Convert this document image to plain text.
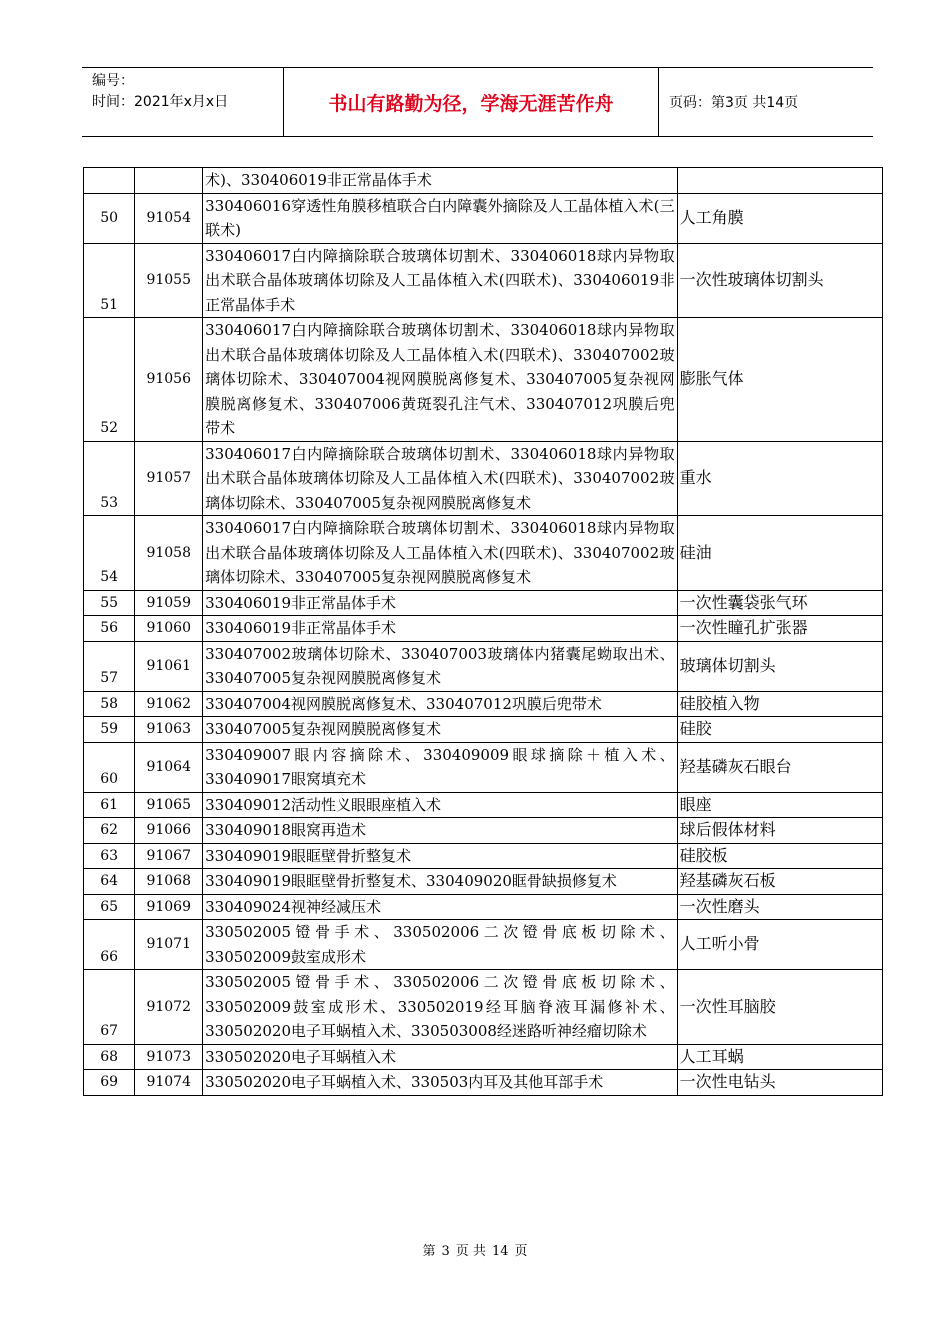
编号：
时间：2021年x月x日	书山有路勤为径，学海无涯苦作舟	页码：第3页 共14页
		术)、330406019非正常晶体手术	
50	91054	330406016穿透性角膜移植联合白内障囊外摘除及人工晶体植入术(三联术)	人工角膜
51	91055	330406017白内障摘除联合玻璃体切割术、330406018球内异物取出术联合晶体玻璃体切除及人工晶体植入术(四联术)、330406019非正常晶体手术	一次性玻璃体切割头
52	91056	330406017白内障摘除联合玻璃体切割术、330406018球内异物取出术联合晶体玻璃体切除及人工晶体植入术(四联术)、330407002玻璃体切除术、330407004视网膜脱离修复术、330407005复杂视网膜脱离修复术、330407006黄斑裂孔注气术、330407012巩膜后兜带术	膨胀气体
53	91057	330406017白内障摘除联合玻璃体切割术、330406018球内异物取出术联合晶体玻璃体切除及人工晶体植入术(四联术)、330407002玻璃体切除术、330407005复杂视网膜脱离修复术	重水
54	91058	330406017白内障摘除联合玻璃体切割术、330406018球内异物取出术联合晶体玻璃体切除及人工晶体植入术(四联术)、330407002玻璃体切除术、330407005复杂视网膜脱离修复术	硅油
55	91059	330406019非正常晶体手术	一次性囊袋张气环
56	91060	330406019非正常晶体手术	一次性瞳孔扩张器
57	91061	330407002玻璃体切除术、330407003玻璃体内猪囊尾蚴取出术、330407005复杂视网膜脱离修复术	玻璃体切割头
58	91062	330407004视网膜脱离修复术、330407012巩膜后兜带术	硅胶植入物
59	91063	330407005复杂视网膜脱离修复术	硅胶
60	91064	330409007眼内容摘除术、330409009眼球摘除＋植入术、330409017眼窝填充术	羟基磷灰石眼台
61	91065	330409012活动性义眼眼座植入术	眼座
62	91066	330409018眼窝再造术	球后假体材料
63	91067	330409019眼眶壁骨折整复术	硅胶板
64	91068	330409019眼眶壁骨折整复术、330409020眶骨缺损修复术	羟基磷灰石板
65	91069	330409024视神经减压术	一次性磨头
66	91071	330502005镫骨手术、330502006二次镫骨底板切除术、330502009鼓室成形术	人工听小骨
67	91072	330502005镫骨手术、330502006二次镫骨底板切除术、330502009鼓室成形术、330502019经耳脑脊液耳漏修补术、330502020电子耳蜗植入术、330503008经迷路听神经瘤切除术	一次性耳脑胶
68	91073	330502020电子耳蜗植入术	人工耳蜗
69	91074	330502020电子耳蜗植入术、330503内耳及其他耳部手术	一次性电钻头
第 3 页 共 14 页
